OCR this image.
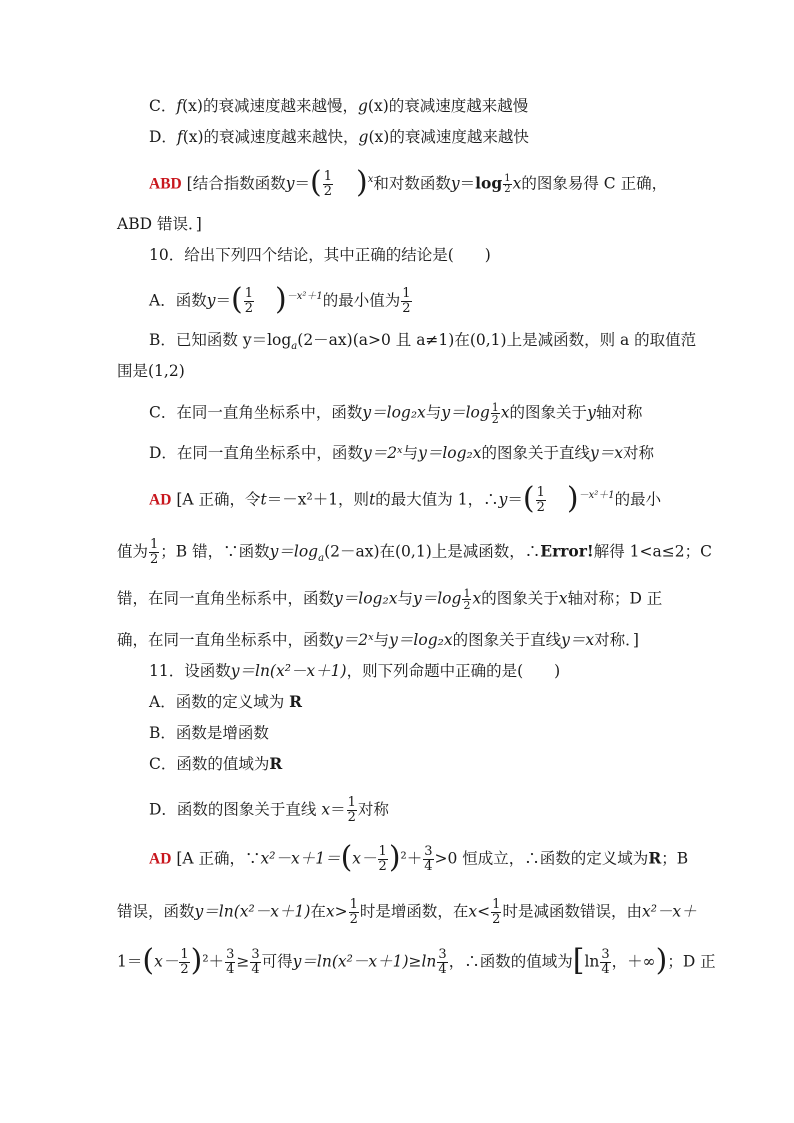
C．f(x)的衰减速度越来越慢，g(x)的衰减速度越来越慢
D．f(x)的衰减速度越来越快，g(x)的衰减速度越来越快
ABD [结合指数函数$y=( \frac{1}{2} )^x$和对数函数$y=\log \frac{1}{2}$ x的图象易得 C 正确，
ABD 错误．]
10．给出下列四个结论，其中正确的结论是(　　)
A．函数$y=( \frac{1}{2} )^{-x^2+1}$的最小值为 $\frac{1}{2}$
B．已知函数 $y=\log_a(2-ax)(a>0$ 且 a≠1)在(0,1)上是减函数，则 a 的取值范
围是(1,2)
C．在同一直角坐标系中，函数y＝log₂x与$y=\log \frac{1}{2}$ x的图象关于y轴对称
D．在同一直角坐标系中，函数y＝2ˣ与y＝log₂x的图象关于直线y＝x对称
AD [A 正确，令t＝－x²＋1，则t的最大值为 1，∴y＝( $\frac{1}{2} )^{-x^2+1}$的最小
值为 $\frac{1}{2}$ ；B 错，∵函数$y=\log_a(2-ax)$在(0,1)上是减函数，∴Error!解得 1<a≤2；C
错，在同一直角坐标系中，函数y＝log₂x与$y=\log \frac{1}{2}$ x的图象关于x轴对称；D 正
确，在同一直角坐标系中，函数y＝2ˣ与y＝log₂x的图象关于直线y＝x对称．]
11．设函数y＝ln(x²－x＋1)，则下列命题中正确的是(　　)
A．函数的定义域为 R
B．函数是增函数
C．函数的值域为R
D．函数的图象关于直线 $x= \frac{1}{2}$ 对称
AD [A 正确，∵x²－x＋1＝(x－ $\frac{1}{2} )^2+ \frac{3}{4} >0$ 恒成立，∴函数的定义域为R；B
错误，函数y＝ln(x²－x＋1)在$x> \frac{1}{2}$ 时是增函数，在$x< \frac{1}{2}$ 时是减函数错误，由x²－x＋
$1=(x- \frac{1}{2} )^2+ \frac{3}{4} \ge \frac{3}{4}$ 可得$y=\ln(x^2-x+1)\ge\ln \frac{3}{4}$ ，∴函数的值域为[$\ln \frac{3}{4}$ ，＋∞)；D 正
